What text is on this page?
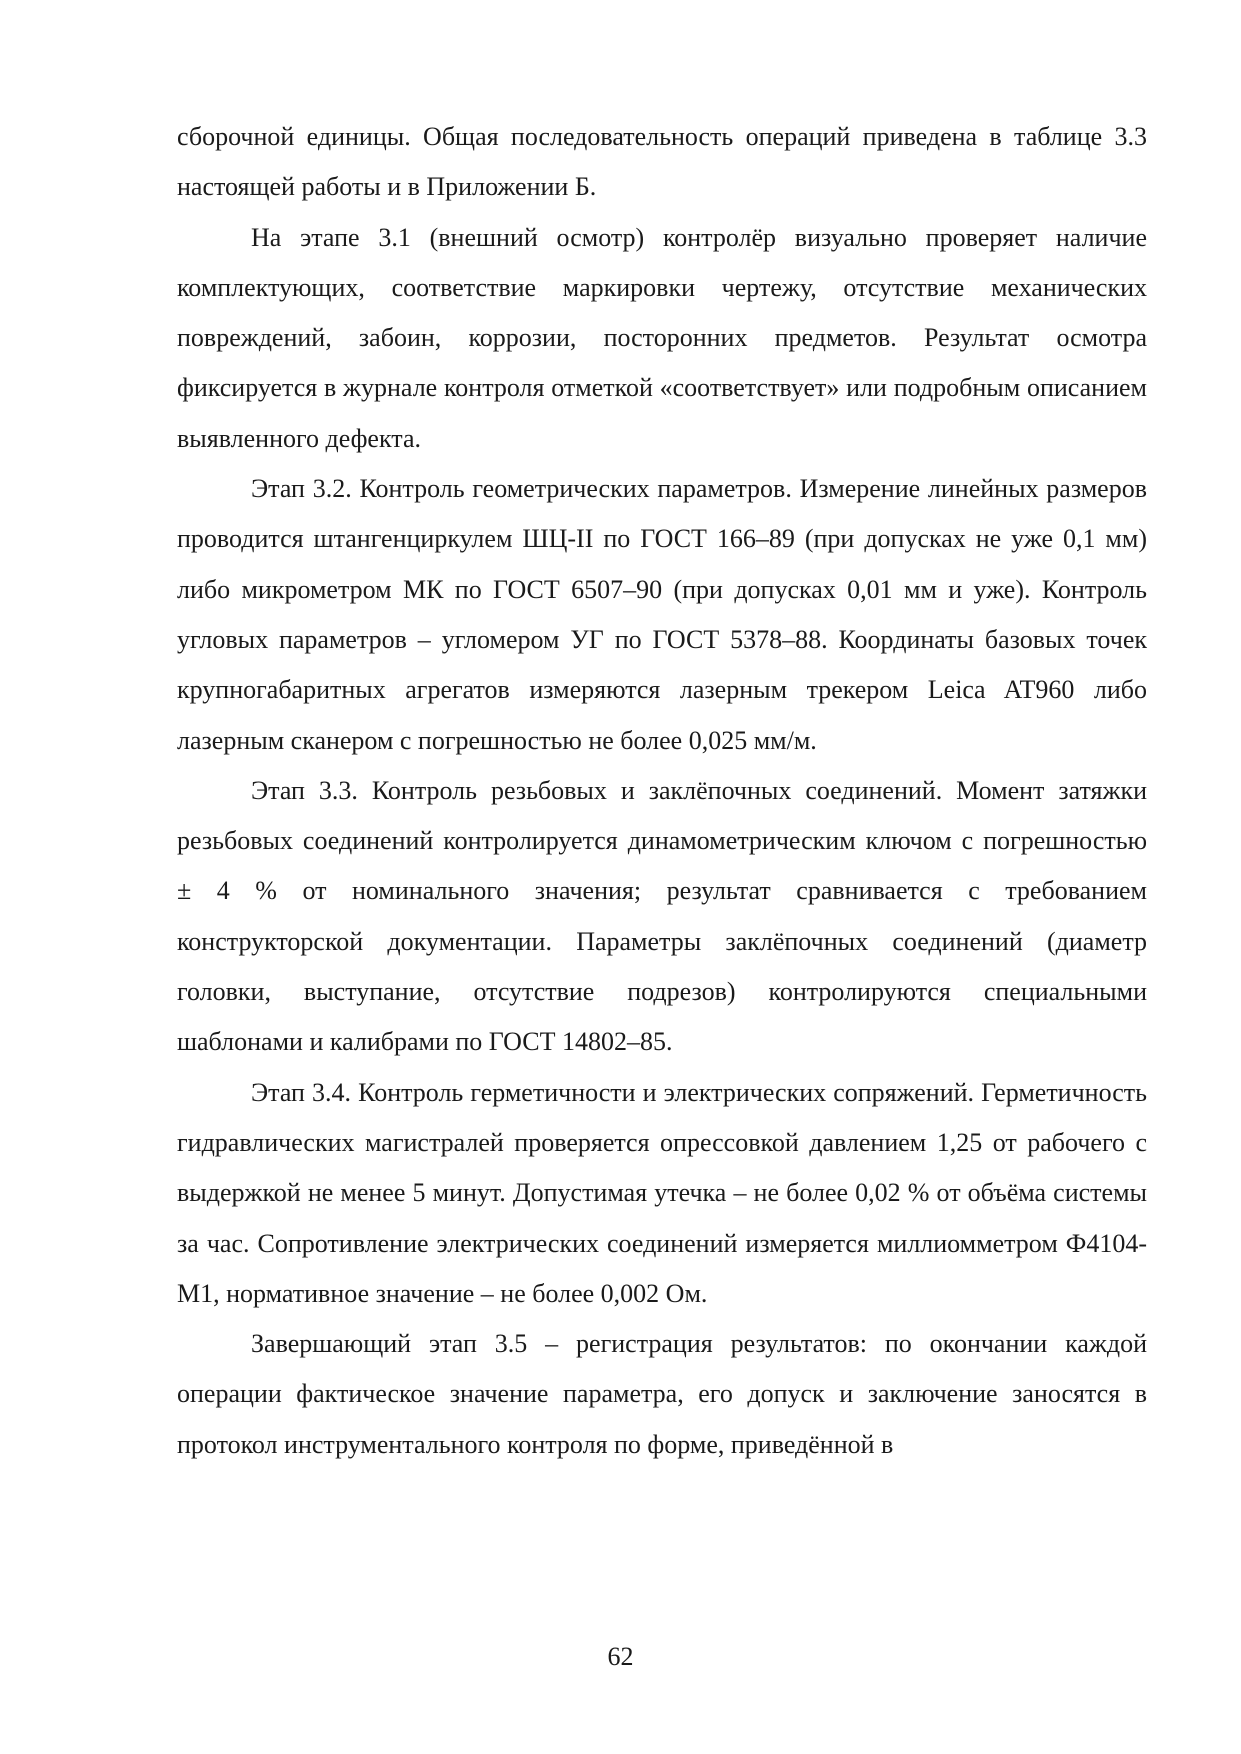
сборочной единицы. Общая последовательность операций приведена в таблице 3.3 настоящей работы и в Приложении Б.

На этапе 3.1 (внешний осмотр) контролёр визуально проверяет наличие комплектующих, соответствие маркировки чертежу, отсутствие механических повреждений, забоин, коррозии, посторонних предметов. Результат осмотра фиксируется в журнале контроля отметкой «соответствует» или подробным описанием выявленного дефекта.

Этап 3.2. Контроль геометрических параметров. Измерение линейных размеров проводится штангенциркулем ШЦ-II по ГОСТ 166–89 (при допусках не уже 0,1 мм) либо микрометром МК по ГОСТ 6507–90 (при допусках 0,01 мм и уже). Контроль угловых параметров – угломером УГ по ГОСТ 5378–88. Координаты базовых точек крупногабаритных агрегатов измеряются лазерным трекером Leica AT960 либо лазерным сканером с погрешностью не более 0,025 мм/м.

Этап 3.3. Контроль резьбовых и заклёпочных соединений. Момент затяжки резьбовых соединений контролируется динамометрическим ключом с погрешностью ± 4 % от номинального значения; результат сравнивается с требованием конструкторской документации. Параметры заклёпочных соединений (диаметр головки, выступание, отсутствие подрезов) контролируются специальными шаблонами и калибрами по ГОСТ 14802–85.

Этап 3.4. Контроль герметичности и электрических сопряжений. Герметичность гидравлических магистралей проверяется опрессовкой давлением 1,25 от рабочего с выдержкой не менее 5 минут. Допустимая утечка – не более 0,02 % от объёма системы за час. Сопротивление электрических соединений измеряется миллиомметром Ф4104-М1, нормативное значение – не более 0,002 Ом.

Завершающий этап 3.5 – регистрация результатов: по окончании каждой операции фактическое значение параметра, его допуск и заключение заносятся в протокол инструментального контроля по форме, приведённой в

62
